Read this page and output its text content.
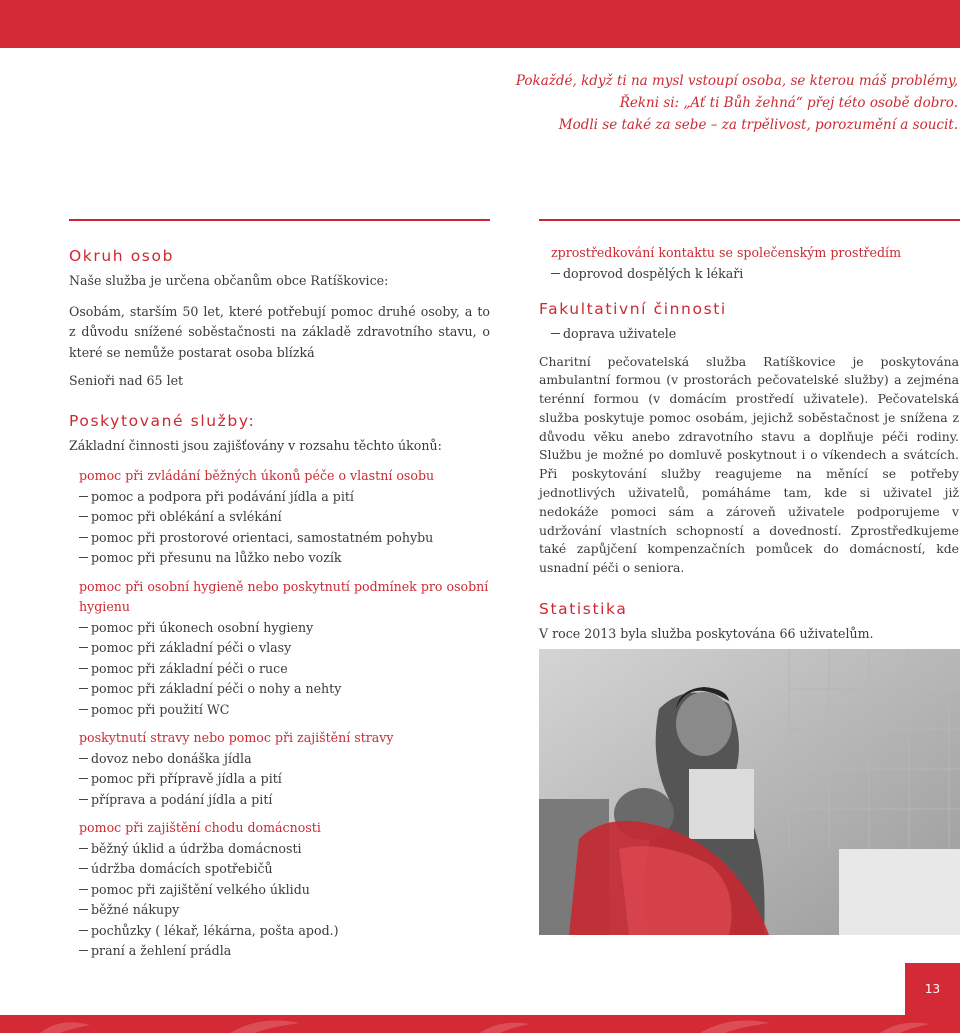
Pokaždé, když ti na mysl vstoupí osoba, se kterou máš problémy,
Řekni si: „Ať ti Bůh žehná“ přej této osobě dobro.
Modli se také za sebe – za trpělivost, porozumění a soucit.
Okruh osob

Naše služba je určena občanům obce Ratíškovice:

Osobám, starším 50 let, které potřebují pomoc druhé osoby, a to z důvodu snížené soběstačnosti na základě zdravotního stavu, o které se nemůže postarat osoba blízká

Senioři nad 65 let

Poskytované služby:

Základní činnosti jsou zajišťovány v rozsahu těchto úkonů:

pomoc při zvládání běžných úkonů péče o vlastní osobu

pomoc a podpora při podávání jídla a pití

pomoc při oblékání a svlékání

pomoc při prostorové orientaci, samostatném pohybu

pomoc při přesunu na lůžko nebo vozík

pomoc při osobní hygieně nebo poskytnutí podmínek pro osobní hygienu

pomoc při úkonech osobní hygieny

pomoc při základní péči o vlasy

pomoc při základní péči o ruce

pomoc při základní péči o nohy a nehty

pomoc při použití WC

poskytnutí stravy nebo pomoc při zajištění stravy

dovoz nebo donáška jídla

pomoc při přípravě jídla a pití

příprava a podání jídla a pití

pomoc při zajištění chodu domácnosti

běžný úklid a údržba domácnosti

údržba domácích spotřebičů

pomoc při zajištění velkého úklidu

běžné nákupy

pochůzky ( lékař, lékárna, pošta apod.)

praní a žehlení prádla

zprostředkování kontaktu se společenským prostředím

doprovod dospělých k lékaři

Fakultativní činnosti

doprava uživatele

Charitní pečovatelská služba Ratíškovice je poskytována ambulantní formou (v prostorách pečovatelské služby) a zejména terénní formou (v domácím prostředí uživatele). Pečovatelská služba poskytuje pomoc osobám, jejichž soběstačnost je snížena z důvodu věku anebo zdravotního stavu a doplňuje péči rodiny. Službu je možné po domluvě poskytnout i o víkendech a svátcích. Při poskytování služby reagujeme na měnící se potřeby jednotlivých uživatelů, pomáháme tam, kde si uživatel již nedokáže pomoci sám a zároveň uživatele podporujeme v udržování vlastních schopností a dovedností. Zprostředkujeme také zapůjčení kompenzačních pomůcek do domácností, kde usnadní péči o seniora.

Statistika

V roce 2013 byla služba poskytována 66 uživatelům.

13
